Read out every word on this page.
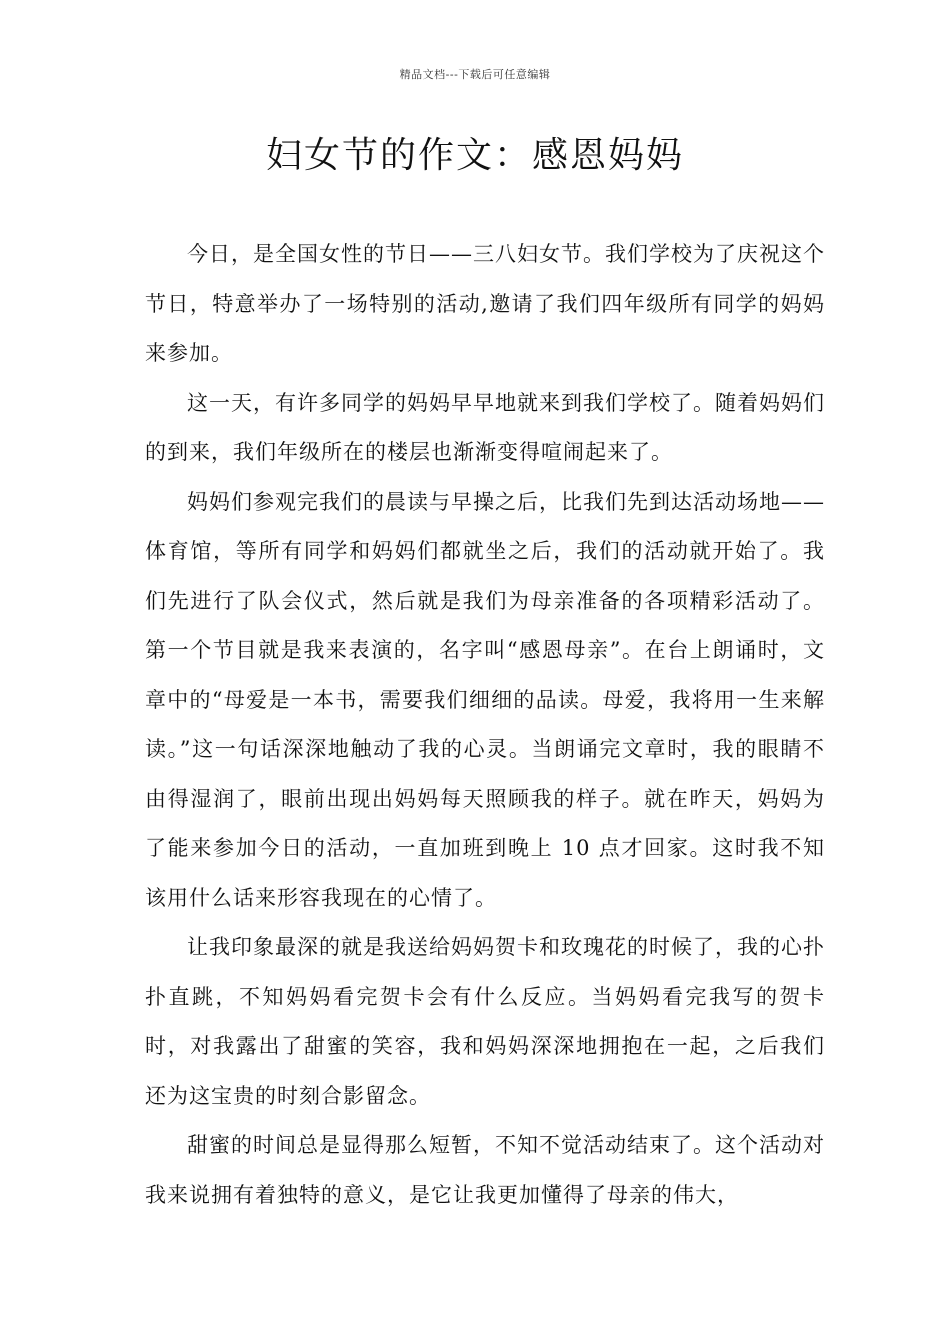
精品文档---下载后可任意编辑
妇女节的作文：感恩妈妈

今日，是全国女性的节日——三八妇女节。我们学校为了庆祝这个节日，特意举办了一场特别的活动,邀请了我们四年级所有同学的妈妈来参加。

这一天，有许多同学的妈妈早早地就来到我们学校了。随着妈妈们的到来，我们年级所在的楼层也渐渐变得喧闹起来了。

妈妈们参观完我们的晨读与早操之后，比我们先到达活动场地——体育馆，等所有同学和妈妈们都就坐之后，我们的活动就开始了。我们先进行了队会仪式，然后就是我们为母亲准备的各项精彩活动了。第一个节目就是我来表演的，名字叫“感恩母亲”。在台上朗诵时，文章中的“母爱是一本书，需要我们细细的品读。母爱，我将用一生来解读。”这一句话深深地触动了我的心灵。当朗诵完文章时，我的眼睛不由得湿润了，眼前出现出妈妈每天照顾我的样子。就在昨天，妈妈为了能来参加今日的活动，一直加班到晚上 10 点才回家。这时我不知该用什么话来形容我现在的心情了。

让我印象最深的就是我送给妈妈贺卡和玫瑰花的时候了，我的心扑扑直跳，不知妈妈看完贺卡会有什么反应。当妈妈看完我写的贺卡时，对我露出了甜蜜的笑容，我和妈妈深深地拥抱在一起，之后我们还为这宝贵的时刻合影留念。

甜蜜的时间总是显得那么短暂，不知不觉活动结束了。这个活动对我来说拥有着独特的意义，是它让我更加懂得了母亲的伟大，
